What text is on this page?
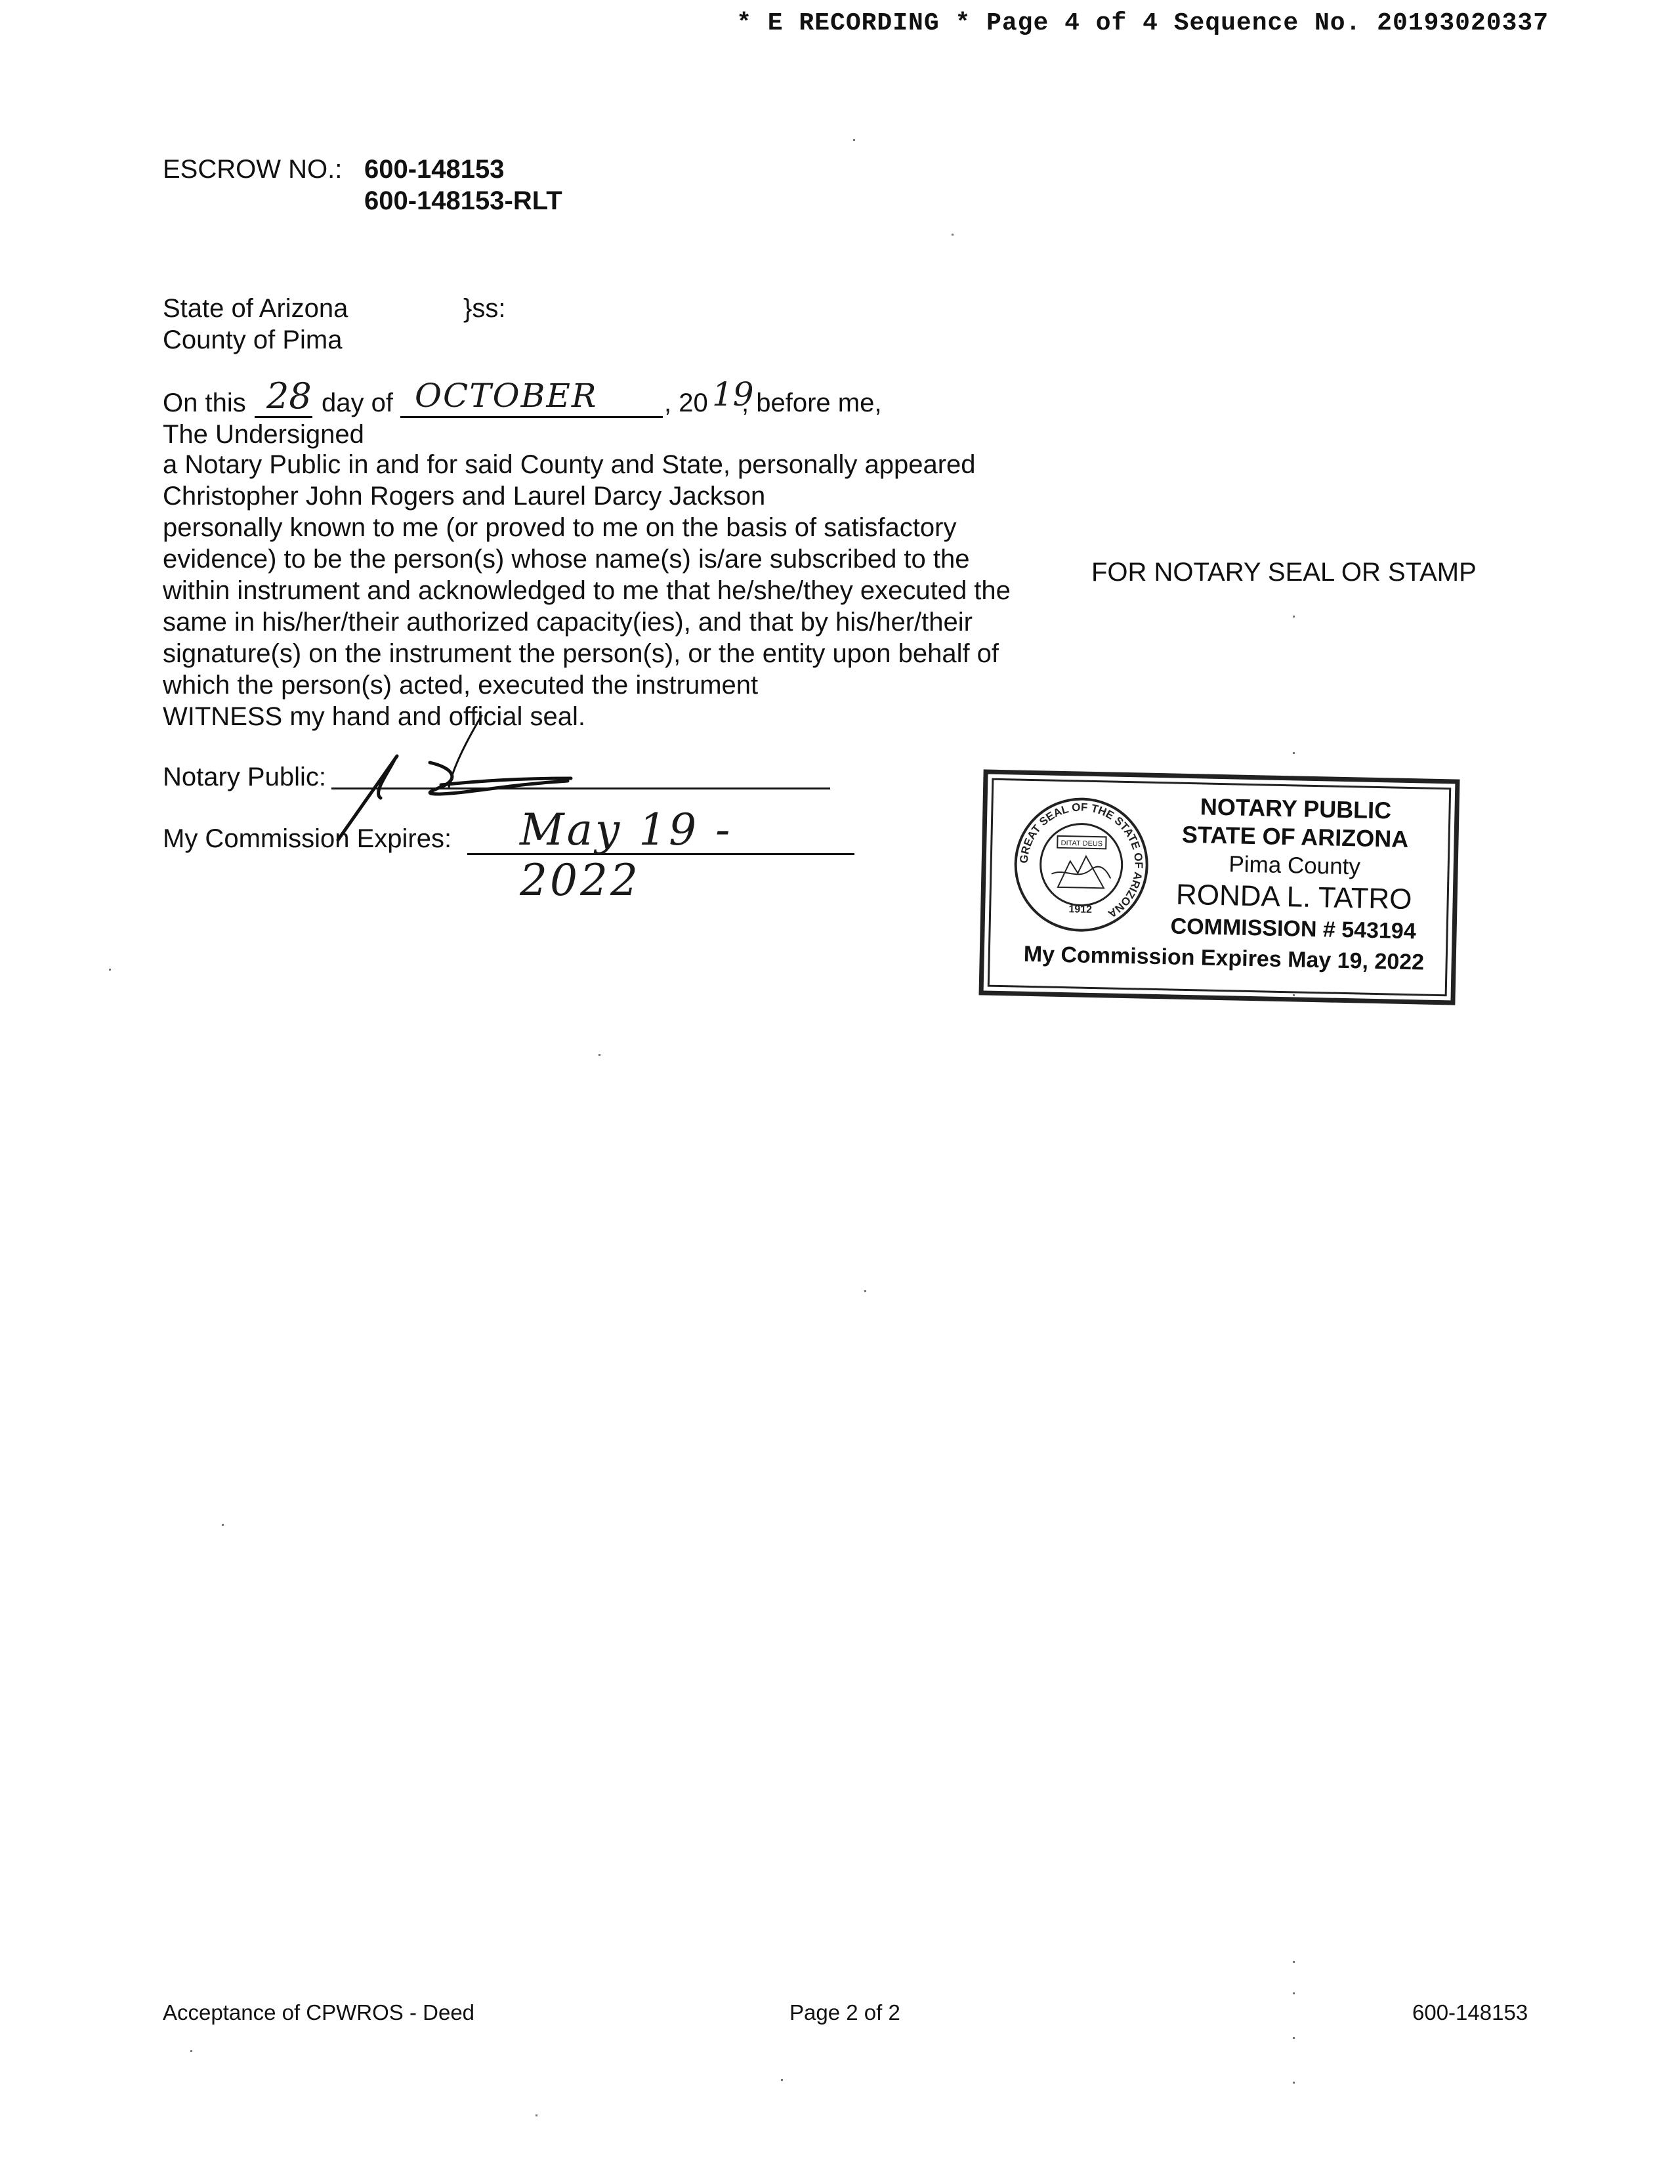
* E RECORDING * Page 4 of 4 Sequence No. 20193020337
ESCROW NO.: 600-148153
600-148153-RLT
State of Arizona
County of Pima
}ss:
On this 28 day of OCTOBER	, 20 19
, before me,
The Undersigned
a Notary Public in and for said County and State, personally appeared
Christopher John Rogers and Laurel Darcy Jackson
personally known to me (or proved to me on the basis of satisfactory
evidence) to be the person(s) whose name(s) is/are subscribed to the
within instrument and acknowledged to me that he/she/they executed the
same in his/her/their authorized capacity(ies), and that by his/her/their
signature(s) on the instrument the person(s), or the entity upon behalf of
which the person(s) acted, executed the instrument
WITNESS my hand and official seal.
FOR NOTARY SEAL OR STAMP
Notary Public:
My Commission Expires: May 19 - 2022	GREAT SEAL OF THE STATE OF ARIZONA
DITAT DEUS
1912
NOTARY PUBLIC
STATE OF ARIZONA
Pima County
RONDA L. TATRO
COMMISSION # 543194
My Commission Expires May 19, 2022
Acceptance of CPWROS - Deed	Page 2 of 2	600-148153
